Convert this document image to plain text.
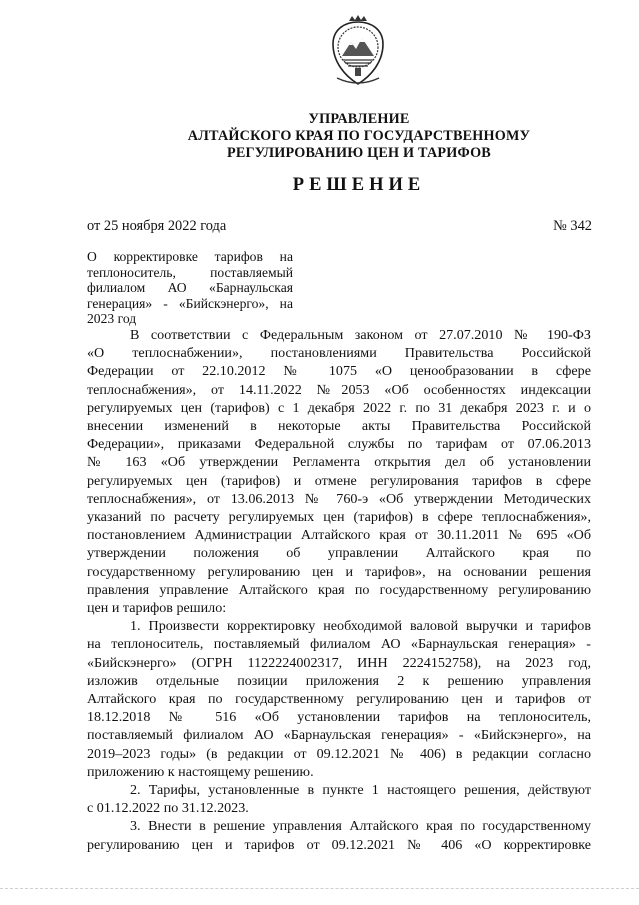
УПРАВЛЕНИЕ
АЛТАЙСКОГО КРАЯ ПО ГОСУДАРСТВЕННОМУ
РЕГУЛИРОВАНИЮ ЦЕН И ТАРИФОВ
РЕШЕНИЕ
от 25 ноября 2022 года	№ 342
О корректировке тарифов на
теплоноситель, поставляемый
филиалом АО «Барнаульская
генерация» - «Бийскэнерго», на
2023 год
В соответствии с Федеральным законом от 27.07.2010 № 190-ФЗ
«О теплоснабжении», постановлениями Правительства Российской
Федерации от 22.10.2012 № 1075 «О ценообразовании в сфере
теплоснабжения», от 14.11.2022 №2053 «Об особенностях индексации
регулируемых цен (тарифов) с 1 декабря 2022 г. по 31 декабря 2023 г. и о
внесении изменений в некоторые акты Правительства Российской
Федерации», приказами Федеральной службы по тарифам от 07.06.2013
№ 163 «Об утверждении Регламента открытия дел об установлении
регулируемых цен (тарифов) и отмене регулирования тарифов в сфере
теплоснабжения», от 13.06.2013 № 760-э «Об утверждении Методических
указаний по расчету регулируемых цен (тарифов) в сфере теплоснабжения»,
постановлением Администрации Алтайского края от 30.11.2011 № 695 «Об
утверждении положения об управлении Алтайского края по
государственному регулированию цен и тарифов», на основании решения
правления управление Алтайского края по государственному регулированию
цен и тарифов решило:
1. Произвести корректировку необходимой валовой выручки и тарифов
на теплоноситель, поставляемый филиалом АО «Барнаульская генерация» -
«Бийскэнерго» (ОГРН 1122224002317, ИНН 2224152758), на 2023 год,
изложив отдельные позиции приложения 2 к решению управления
Алтайского края по государственному регулированию цен и тарифов от
18.12.2018 № 516 «Об установлении тарифов на теплоноситель,
поставляемый филиалом АО «Барнаульская генерация» - «Бийскэнерго», на
2019–2023 годы» (в редакции от 09.12.2021 № 406) в редакции согласно
приложению к настоящему решению.
2. Тарифы, установленные в пункте 1 настоящего решения, действуют
с 01.12.2022 по 31.12.2023.
3. Внести в решение управления Алтайского края по государственному
регулированию цен и тарифов от 09.12.2021 № 406 «О корректировке
